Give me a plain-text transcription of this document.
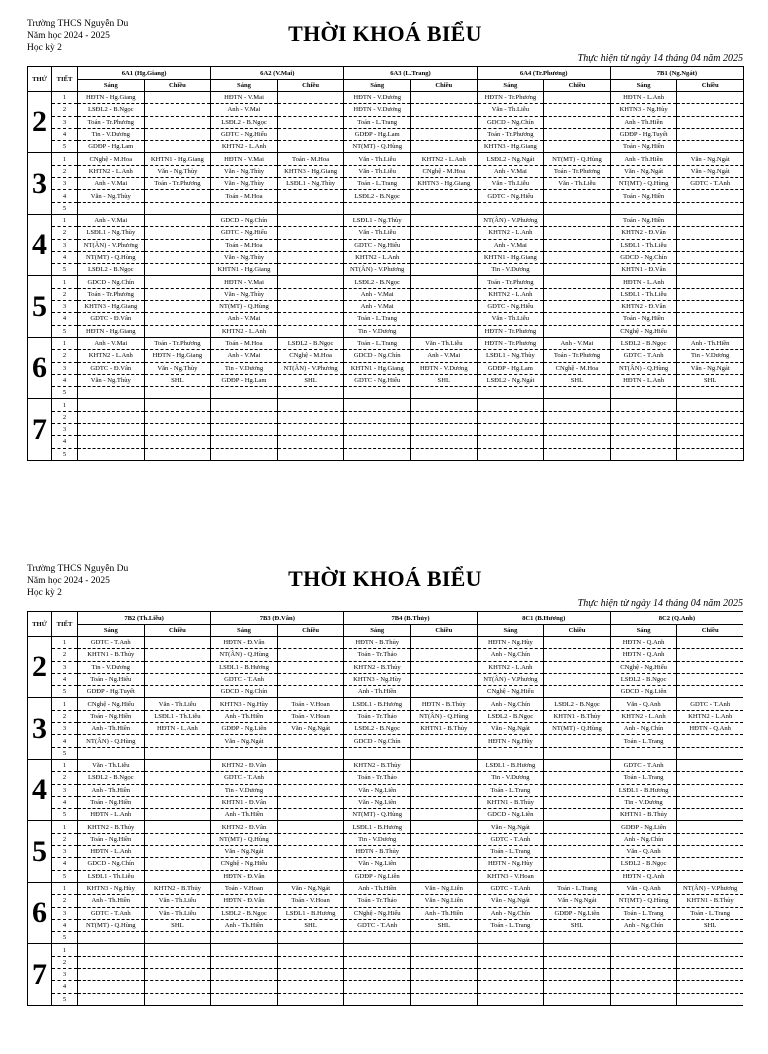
Trường THCS Nguyễn Du
Năm học 2024 - 2025
Học kỳ 2
THỜI KHOÁ BIỂU
Thực hiện từ ngày 14 tháng 04 năm 2025
THỨ	TIẾT	6A1 (Hg.Giang)		6A2 (V.Mai)		6A3 (L.Trang)		6A4 (Tr.Phương)		7B1 (Ng.Ngát)	
		Sáng	Chiều	Sáng	Chiều	Sáng	Chiều	Sáng	Chiều	Sáng	Chiều
2	1	HĐTN - Hg.Giang		HĐTN - V.Mai		HĐTN - V.Dương		HĐTN - Tr.Phương		HĐTN - L.Anh	
	2	LSĐL2 - B.Ngọc		Anh - V.Mai		HĐTN - V.Dương		Văn - Th.Liễu		KHTN3 - Ng.Hùy	
	3	Toán - Tr.Phương		LSĐL2 - B.Ngọc		Toán - L.Trang		GDCD - Ng.Chín		Anh - Th.Hiền	
	4	Tin - V.Dương		GDTC - Ng.Hiếu		GDĐP - Hg.Lam		Toán - Tr.Phương		GDĐP - Hg.Tuyết	
	5	GDĐP - Hg.Lam		KHTN2 - L.Anh		NT(MT) - Q.Hùng		KHTN3 - Hg.Giang		Toán - Ng.Hiền	
3	1	CNghệ - M.Hoa	KHTN1 - Hg.Giang	HĐTN - V.Mai	Toán - M.Hoa	Văn - Th.Liễu	KHTN2 - L.Anh	LSĐL2 - Ng.Ngát	NT(MT) - Q.Hùng	Anh - Th.Hiền	Văn - Ng.Ngát
	2	KHTN2 - L.Anh	Văn - Ng.Thùy	Văn - Ng.Thùy	KHTN3 - Hg.Giang	Văn - Th.Liễu	CNghệ - M.Hoa	Anh - V.Mai	Toán - Tr.Phương	Văn - Ng.Ngát	Văn - Ng.Ngát
	3	Anh - V.Mai	Toán - Tr.Phương	Văn - Ng.Thùy	LSĐL1 - Ng.Thùy	Toán - L.Trang	KHTN3 - Hg.Giang	Văn - Th.Liễu	Văn - Th.Liễu	NT(MT) - Q.Hùng	GDTC - T.Anh
	4	Văn - Ng.Thùy		Toán - M.Hoa		LSĐL2 - B.Ngọc		GDTC - Ng.Hiếu		Toán - Ng.Hiền	
	5										
4	1	Anh - V.Mai		GDCD - Ng.Chín		LSĐL1 - Ng.Thùy		NT(ÂN) - V.Phương		Toán - Ng.Hiền	
	2	LSĐL1 - Ng.Thùy		GDTC - Ng.Hiếu		Văn - Th.Liễu		KHTN2 - L.Anh		KHTN2 - Đ.Vân	
	3	NT(ÂN) - V.Phương		Toán - M.Hoa		GDTC - Ng.Hiếu		Anh - V.Mai		LSĐL1 - Th.Liễu	
	4	NT(MT) - Q.Hùng		Văn - Ng.Thùy		KHTN2 - L.Anh		KHTN1 - Hg.Giang		GDCD - Ng.Chín	
	5	LSĐL2 - B.Ngọc		KHTN1 - Hg.Giang		NT(ÂN) - V.Phương		Tin - V.Dương		KHTN1 - Đ.Vân	
5	1	GDCD - Ng.Chín		HĐTN - V.Mai		LSĐL2 - B.Ngọc		Toán - Tr.Phương		HĐTN - L.Anh	
	2	Toán - Tr.Phương		Văn - Ng.Thùy		Anh - V.Mai		KHTN2 - L.Anh		LSĐL1 - Th.Liễu	
	3	KHTN3 - Hg.Giang		NT(MT) - Q.Hùng		Anh - V.Mai		GDTC - Ng.Hiếu		KHTN2 - Đ.Vân	
	4	GDTC - Đ.Vân		Anh - V.Mai		Toán - L.Trang		Văn - Th.Liễu		Toán - Ng.Hiền	
	5	HĐTN - Hg.Giang		KHTN2 - L.Anh		Tin - V.Dương		HĐTN - Tr.Phương		CNghệ - Ng.Hiếu	
6	1	Anh - V.Mai	Toán - Tr.Phương	Toán - M.Hoa	LSĐL2 - B.Ngọc	Toán - L.Trang	Văn - Th.Liễu	HĐTN - Tr.Phương	Anh - V.Mai	LSĐL2 - B.Ngọc	Anh - Th.Hiền
	2	KHTN2 - L.Anh	HĐTN - Hg.Giang	Anh - V.Mai	CNghệ - M.Hoa	GDCD - Ng.Chín	Anh - V.Mai	LSĐL1 - Ng.Thùy	Toán - Tr.Phương	GDTC - T.Anh	Tin - V.Dương
	3	GDTC - Đ.Vân	Văn - Ng.Thùy	Tin - V.Dương	NT(ÂN) - V.Phương	KHTN1 - Hg.Giang	HĐTN - V.Dương	GDĐP - Hg.Lam	CNghệ - M.Hoa	NT(ÂN) - Q.Hùng	Văn - Ng.Ngát
	4	Văn - Ng.Thùy	SHL	GDĐP - Hg.Lam	SHL	GDTC - Ng.Hiếu	SHL	LSĐL2 - Ng.Ngát	SHL	HĐTN - L.Anh	SHL
	5										
7	1										
	2										
	3										
	4										
	5										
Trường THCS Nguyễn Du
Năm học 2024 - 2025
Học kỳ 2
THỜI KHOÁ BIỂU
Thực hiện từ ngày 14 tháng 04 năm 2025
THỨ	TIẾT	7B2 (Th.Liễu)		7B3 (Đ.Vân)		7B4 (B.Thủy)		8C1 (B.Hương)		8C2 (Q.Anh)	
		Sáng	Chiều	Sáng	Chiều	Sáng	Chiều	Sáng	Chiều	Sáng	Chiều
2	1	GDTC - T.Anh		HĐTN - Đ.Vân		HĐTN - B.Thủy		HĐTN - Ng.Hùy		HĐTN - Q.Anh	
	2	KHTN1 - B.Thủy		NT(ÂN) - Q.Hùng		Toán - Tr.Thảo		Anh - Ng.Chín		HĐTN - Q.Anh	
	3	Tin - V.Dương		LSĐL1 - B.Hương		KHTN2 - B.Thủy		KHTN2 - L.Anh		CNghệ - Ng.Hiếu	
	4	Toán - Ng.Hiếu		GDTC - T.Anh		KHTN3 - Ng.Hùy		NT(ÂN) - V.Phương		LSĐL2 - B.Ngọc	
	5	GDĐP - Hg.Tuyết		GDCD - Ng.Chín		Anh - Th.Hiền		CNghệ - Ng.Hiếu		GDCD - Ng.Liên	
3	1	CNghệ - Ng.Hiếu	Văn - Th.Liễu	KHTN3 - Ng.Hùy	Toán - V.Hoan	LSĐL1 - B.Hương	HĐTN - B.Thủy	Anh - Ng.Chín	LSĐL2 - B.Ngọc	Văn - Q.Anh	GDTC - T.Anh
	2	Toán - Ng.Hiền	LSĐL1 - Th.Liễu	Anh - Th.Hiền	Toán - V.Hoan	Toán - Tr.Thảo	NT(ÂN) - Q.Hùng	LSĐL2 - B.Ngọc	KHTN1 - B.Thủy	KHTN2 - L.Anh	KHTN2 - L.Anh
	3	Anh - Th.Hiền	HĐTN - L.Anh	GDĐP - Ng.Liên	Văn - Ng.Ngát	LSĐL2 - B.Ngọc	KHTN1 - B.Thủy	Văn - Ng.Ngát	NT(MT) - Q.Hùng	Anh - Ng.Chín	HĐTN - Q.Anh
	4	NT(ÂN) - Q.Hùng		Văn - Ng.Ngát		GDCD - Ng.Chín		HĐTN - Ng.Hùy		Toán - L.Trang	
	5										
4	1	Văn - Th.Liễu		KHTN2 - Đ.Vân		KHTN2 - B.Thủy		LSĐL1 - B.Hương		GDTC - T.Anh	
	2	LSĐL2 - B.Ngọc		GDTC - T.Anh		Toán - Tr.Thảo		Tin - V.Dương		Toán - L.Trang	
	3	Anh - Th.Hiền		Tin - V.Dương		Văn - Ng.Liên		Toán - L.Trang		LSĐL1 - B.Hương	
	4	Toán - Ng.Hiền		KHTN1 - Đ.Vân		Văn - Ng.Liên		KHTN1 - B.Thủy		Tin - V.Dương	
	5	HĐTN - L.Anh		Anh - Th.Hiền		NT(MT) - Q.Hùng		GDCD - Ng.Liên		KHTN1 - B.Thủy	
5	1	KHTN2 - B.Thủy		KHTN2 - Đ.Vân		LSĐL1 - B.Hương		Văn - Ng.Ngát		GDĐP - Ng.Liên	
	2	Toán - Ng.Hiền		NT(MT) - Q.Hùng		Tin - V.Dương		GDTC - T.Anh		Anh - Ng.Chín	
	3	HĐTN - L.Anh		Văn - Ng.Ngát		HĐTN - B.Thủy		Toán - L.Trang		Văn - Q.Anh	
	4	GDCD - Ng.Chín		CNghệ - Ng.Hiếu		Văn - Ng.Liên		HĐTN - Ng.Hùy		LSĐL2 - B.Ngọc	
	5	LSĐL1 - Th.Liễu		HĐTN - Đ.Vân		GDĐP - Ng.Liên		KHTN3 - V.Hoan		HĐTN - Q.Anh	
6	1	KHTN3 - Ng.Hùy	KHTN2 - B.Thủy	Toán - V.Hoan	Văn - Ng.Ngát	Anh - Th.Hiền	Văn - Ng.Liên	GDTC - T.Anh	Toán - L.Trang	Văn - Q.Anh	NT(ÂN) - V.Phương
	2	Anh - Th.Hiền	Văn - Th.Liễu	HĐTN - Đ.Vân	Toán - V.Hoan	Toán - Tr.Thảo	Văn - Ng.Liên	Văn - Ng.Ngát	Văn - Ng.Ngát	NT(MT) - Q.Hùng	KHTN1 - B.Thủy
	3	GDTC - T.Anh	Văn - Th.Liễu	LSĐL2 - B.Ngọc	LSĐL1 - B.Hương	CNghệ - Ng.Hiếu	Anh - Th.Hiền	Anh - Ng.Chín	GDĐP - Ng.Liên	Toán - L.Trang	Toán - L.Trang
	4	NT(MT) - Q.Hùng	SHL	Anh - Th.Hiền	SHL	GDTC - T.Anh	SHL	Toán - L.Trang	SHL	Anh - Ng.Chín	SHL
	5										
7	1										
	2										
	3										
	4										
	5										
